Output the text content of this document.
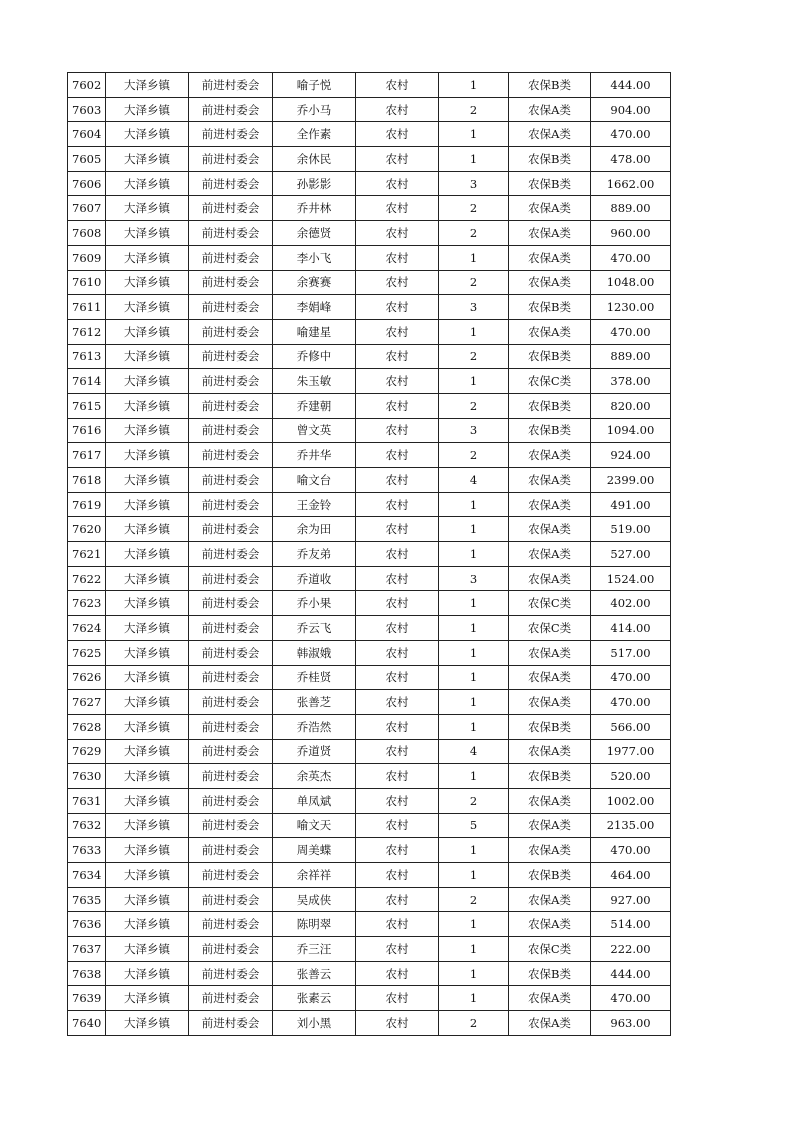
7602	大泽乡镇	前进村委会	喻子悦	农村	1	农保B类	444.00
7603	大泽乡镇	前进村委会	乔小马	农村	2	农保A类	904.00
7604	大泽乡镇	前进村委会	全作素	农村	1	农保A类	470.00
7605	大泽乡镇	前进村委会	余休民	农村	1	农保B类	478.00
7606	大泽乡镇	前进村委会	孙影影	农村	3	农保B类	1662.00
7607	大泽乡镇	前进村委会	乔井林	农村	2	农保A类	889.00
7608	大泽乡镇	前进村委会	余德贤	农村	2	农保A类	960.00
7609	大泽乡镇	前进村委会	李小飞	农村	1	农保A类	470.00
7610	大泽乡镇	前进村委会	余赛赛	农村	2	农保A类	1048.00
7611	大泽乡镇	前进村委会	李娟峰	农村	3	农保B类	1230.00
7612	大泽乡镇	前进村委会	喻建星	农村	1	农保A类	470.00
7613	大泽乡镇	前进村委会	乔修中	农村	2	农保B类	889.00
7614	大泽乡镇	前进村委会	朱玉敏	农村	1	农保C类	378.00
7615	大泽乡镇	前进村委会	乔建朝	农村	2	农保B类	820.00
7616	大泽乡镇	前进村委会	曾文英	农村	3	农保B类	1094.00
7617	大泽乡镇	前进村委会	乔井华	农村	2	农保A类	924.00
7618	大泽乡镇	前进村委会	喻文台	农村	4	农保A类	2399.00
7619	大泽乡镇	前进村委会	王金铃	农村	1	农保A类	491.00
7620	大泽乡镇	前进村委会	余为田	农村	1	农保A类	519.00
7621	大泽乡镇	前进村委会	乔友弟	农村	1	农保A类	527.00
7622	大泽乡镇	前进村委会	乔道收	农村	3	农保A类	1524.00
7623	大泽乡镇	前进村委会	乔小果	农村	1	农保C类	402.00
7624	大泽乡镇	前进村委会	乔云飞	农村	1	农保C类	414.00
7625	大泽乡镇	前进村委会	韩淑娥	农村	1	农保A类	517.00
7626	大泽乡镇	前进村委会	乔桂贤	农村	1	农保A类	470.00
7627	大泽乡镇	前进村委会	张善芝	农村	1	农保A类	470.00
7628	大泽乡镇	前进村委会	乔浩然	农村	1	农保B类	566.00
7629	大泽乡镇	前进村委会	乔道贤	农村	4	农保A类	1977.00
7630	大泽乡镇	前进村委会	余英杰	农村	1	农保B类	520.00
7631	大泽乡镇	前进村委会	单凤斌	农村	2	农保A类	1002.00
7632	大泽乡镇	前进村委会	喻文天	农村	5	农保A类	2135.00
7633	大泽乡镇	前进村委会	周美蝶	农村	1	农保A类	470.00
7634	大泽乡镇	前进村委会	余祥祥	农村	1	农保B类	464.00
7635	大泽乡镇	前进村委会	吴成侠	农村	2	农保A类	927.00
7636	大泽乡镇	前进村委会	陈明翠	农村	1	农保A类	514.00
7637	大泽乡镇	前进村委会	乔三汪	农村	1	农保C类	222.00
7638	大泽乡镇	前进村委会	张善云	农村	1	农保B类	444.00
7639	大泽乡镇	前进村委会	张素云	农村	1	农保A类	470.00
7640	大泽乡镇	前进村委会	刘小黑	农村	2	农保A类	963.00
